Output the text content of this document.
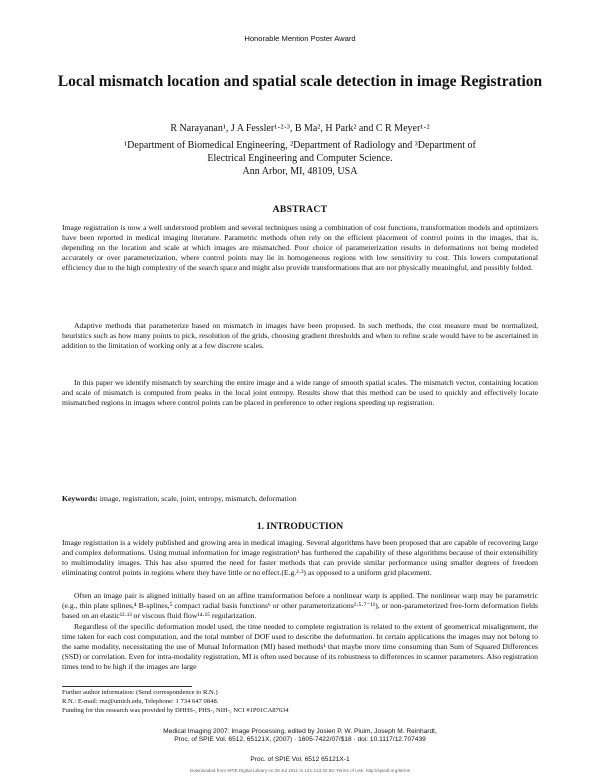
Honorable Mention Poster Award
Local mismatch location and spatial scale detection in image Registration
R Narayanan¹, J A Fessler¹·²·³, B Ma², H Park² and C R Meyer¹·²
¹Department of Biomedical Engineering, ²Department of Radiology and ³Department of
Electrical Engineering and Computer Science.
Ann Arbor, MI, 48109, USA
ABSTRACT

Image registration is now a well understood problem and several techniques using a combination of cost functions, transformation models and optimizers have been reported in medical imaging literature. Parametric methods often rely on the efficient placement of control points in the images, that is, depending on the location and scale at which images are mismatched. Poor choice of parameterization results in deformations not being modeled accurately or over parameterization, where control points may lie in homogeneous regions with low sensitivity to cost. This lowers computational efficiency due to the high complexity of the search space and might also provide transformations that are not physically meaningful, and possibly folded.

Adaptive methods that parameterize based on mismatch in images have been proposed. In such methods, the cost measure must be normalized, heuristics such as how many points to pick, resolution of the grids, choosing gradient thresholds and when to refine scale would have to be ascertained in addition to the limitation of working only at a few discrete scales.

In this paper we identify mismatch by searching the entire image and a wide range of smooth spatial scales. The mismatch vector, containing location and scale of mismatch is computed from peaks in the local joint entropy. Results show that this method can be used to quickly and effectively locate mismatched regions in images where control points can be placed in preference to other regions speeding up registration.

Keywords: image, registration, scale, joint, entropy, mismatch, deformation
1. INTRODUCTION

Image registration is a widely published and growing area in medical imaging. Several algorithms have been proposed that are capable of recovering large and complex deformations. Using mutual information for image registration¹ has furthered the capability of these algorithms because of their extensibility to multimodality images. This has also spurred the need for faster methods that can provide similar performance using smaller degrees of freedom eliminating control points in regions where they have little or no effect.(E.g.²·³) as opposed to a uniform grid placement.

Often an image pair is aligned initially based on an affine transformation before a nonlinear warp is applied. The nonlinear warp may be parametric (e.g., thin plate splines,⁴ B-splines,⁵ compact radial basis functions⁶ or other parameterizations²·⁵·⁷⁻¹¹), or non-parameterized free-form deformation fields based on an elastic¹²·¹³ or viscous fluid flow¹⁴·¹⁵ regularization.

Regardless of the specific deformation model used, the time needed to complete registration is related to the extent of geometrical misalignment, the time taken for each cost computation, and the total number of DOF used to describe the deformation. In certain applications the images may not belong to the same modality, necessitating the use of Mutual Information (MI) based methods¹ that maybe more time consuming than Sum of Squared Differences (SSD) or correlation. Even for intra-modality registration, MI is often used because of its robustness to differences in scanner parameters. Also registration times tend to be high if the images are large

Further author information: (Send correspondence to R.N.)
R.N.: E-mail: rnz@umich.edu, Telephone: 1 734 647 0848.
Funding for this research was provided by DHHS-, PHS-, NIH-, NCI #1P01CA87634
Medical Imaging 2007: Image Processing, edited by Josien P. W. Pluim, Joseph M. Reinhardt,
Proc. of SPIE Vol. 6512, 65121X, (2007) · 1605-7422/07/$18 · doi: 10.1117/12.707439
Proc. of SPIE Vol. 6512 65121X-1
Downloaded from SPIE Digital Library on 25 Jul 2011 to 141.213.32.50. Terms of Use: http://spiedl.org/terms
